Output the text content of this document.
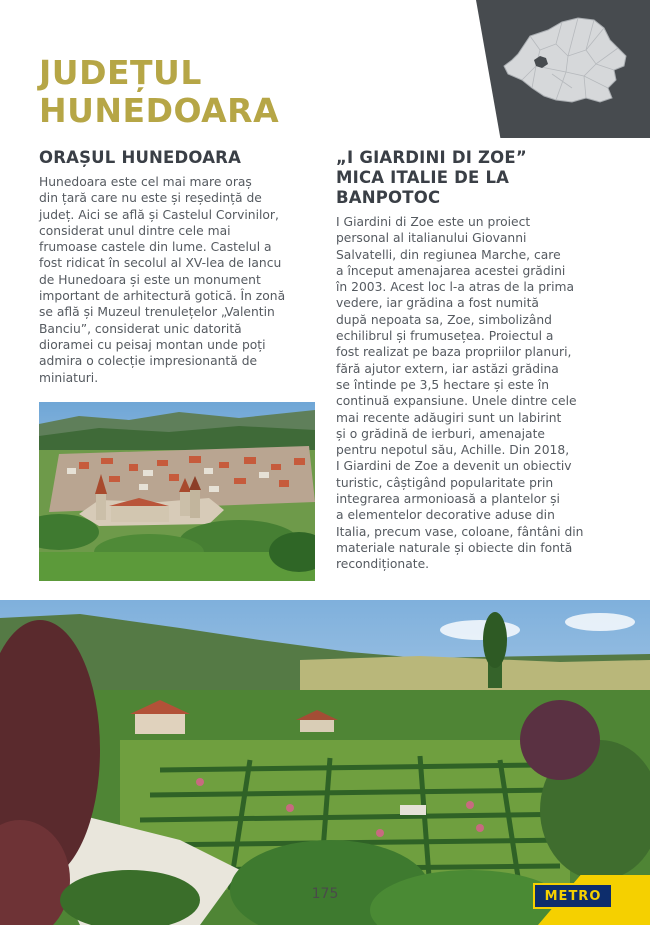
JUDEȚUL
HUNEDOARA
ORAȘUL HUNEDOARA

Hunedoara este cel mai mare oraș
din țară care nu este și reședință de
județ. Aici se află și Castelul Corvinilor,
considerat unul dintre cele mai
frumoase castele din lume. Castelul a
fost ridicat în secolul al XV-lea de Iancu
de Hunedoara și este un monument
important de arhitectură gotică. În zonă
se află și Muzeul trenulețelor „Valentin
Banciu”, considerat unic datorită
dioramei cu peisaj montan unde poți
admira o colecție impresionantă de
miniaturi.

„I GIARDINI DI ZOE”
MICA ITALIE DE LA
BANPOTOC

I Giardini di Zoe este un proiect
personal al italianului Giovanni
Salvatelli, din regiunea Marche, care
a început amenajarea acestei grădini
în 2003. Acest loc l-a atras de la prima
vedere, iar grădina a fost numită
după nepoata sa, Zoe, simbolizând
echilibrul și frumusețea. Proiectul a
fost realizat pe baza propriilor planuri,
fără ajutor extern, iar astăzi grădina
se întinde pe 3,5 hectare și este în
continuă expansiune. Unele dintre cele
mai recente adăugiri sunt un labirint
și o grădină de ierburi, amenajate
pentru nepotul său, Achille. Din 2018,
I Giardini de Zoe a devenit un obiectiv
turistic, câștigând popularitate prin
integrarea armonioasă a plantelor și
a elementelor decorative aduse din
Italia, precum vase, coloane, fântâni din
materiale naturale și obiecte din fontă
recondiționate.

175	METRO
